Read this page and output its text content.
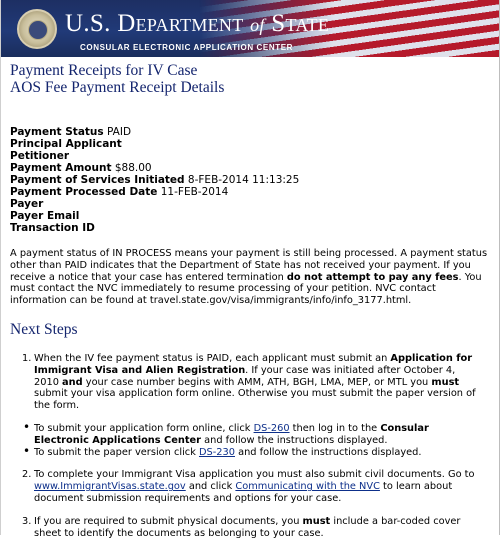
U.S. DEPARTMENT of STATE
CONSULAR ELECTRONIC APPLICATION CENTER
Payment Receipts for IV Case
AOS Fee Payment Receipt Details
Payment Status PAID
Principal Applicant
Petitioner
Payment Amount $88.00
Payment of Services Initiated 8-FEB-2014 11:13:25
Payment Processed Date 11-FEB-2014
Payer
Payer Email
Transaction ID
A payment status of IN PROCESS means your payment is still being processed. A payment status other than PAID indicates that the Department of State has not received your payment. If you receive a notice that your case has entered termination do not attempt to pay any fees. You must contact the NVC immediately to resume processing of your petition. NVC contact information can be found at travel.state.gov/visa/immigrants/info/info_3177.html.
Next Steps
1. When the IV fee payment status is PAID, each applicant must submit an Application for Immigrant Visa and Alien Registration. If your case was initiated after October 4, 2010 and your case number begins with AMM, ATH, BGH, LMA, MEP, or MTL you must submit your visa application form online. Otherwise you must submit the paper version of the form.
• To submit your application form online, click DS-260 then log in to the Consular Electronic Applications Center and follow the instructions displayed.
• To submit the paper version click DS-230 and follow the instructions displayed.
2. To complete your Immigrant Visa application you must also submit civil documents. Go to www.ImmigrantVisas.state.gov and click Communicating with the NVC to learn about document submission requirements and options for your case.
3. If you are required to submit physical documents, you must include a bar-coded cover sheet to identify the documents as belonging to your case.
